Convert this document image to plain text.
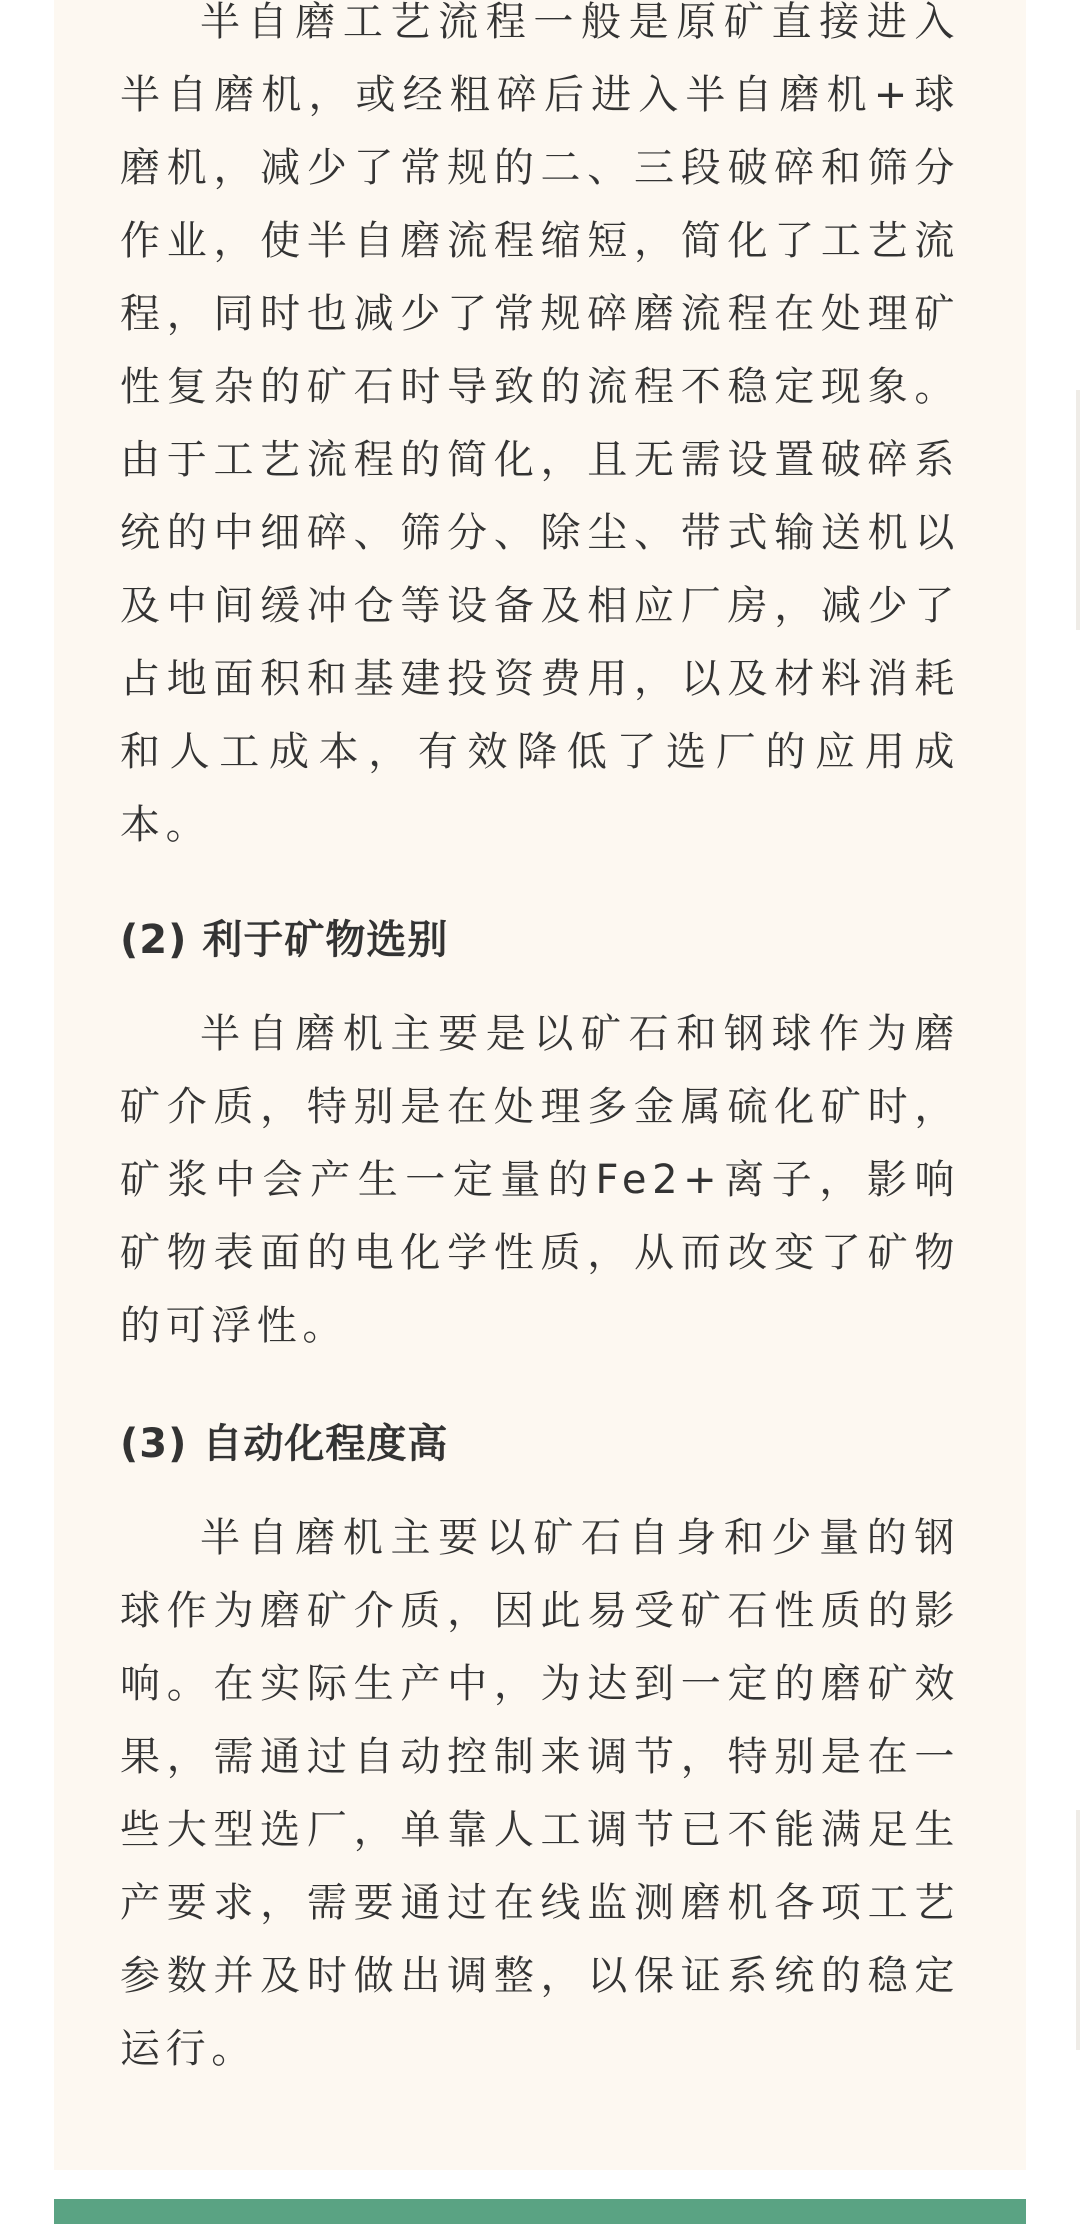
半自磨工艺流程一般是原矿直接进入半自磨机，或经粗碎后进入半自磨机+球磨机，减少了常规的二、三段破碎和筛分作业，使半自磨流程缩短，简化了工艺流程，同时也减少了常规碎磨流程在处理矿性复杂的矿石时导致的流程不稳定现象。由于工艺流程的简化，且无需设置破碎系统的中细碎、筛分、除尘、带式输送机以及中间缓冲仓等设备及相应厂房，减少了占地面积和基建投资费用，以及材料消耗和人工成本，有效降低了选厂的应用成本。

(2) 利于矿物选别

半自磨机主要是以矿石和钢球作为磨矿介质，特别是在处理多金属硫化矿时，矿浆中会产生一定量的Fe2+离子，影响矿物表面的电化学性质，从而改变了矿物的可浮性。

(3) 自动化程度高

半自磨机主要以矿石自身和少量的钢球作为磨矿介质，因此易受矿石性质的影响。在实际生产中，为达到一定的磨矿效果，需通过自动控制来调节，特别是在一些大型选厂，单靠人工调节已不能满足生产要求，需要通过在线监测磨机各项工艺参数并及时做出调整，以保证系统的稳定运行。
